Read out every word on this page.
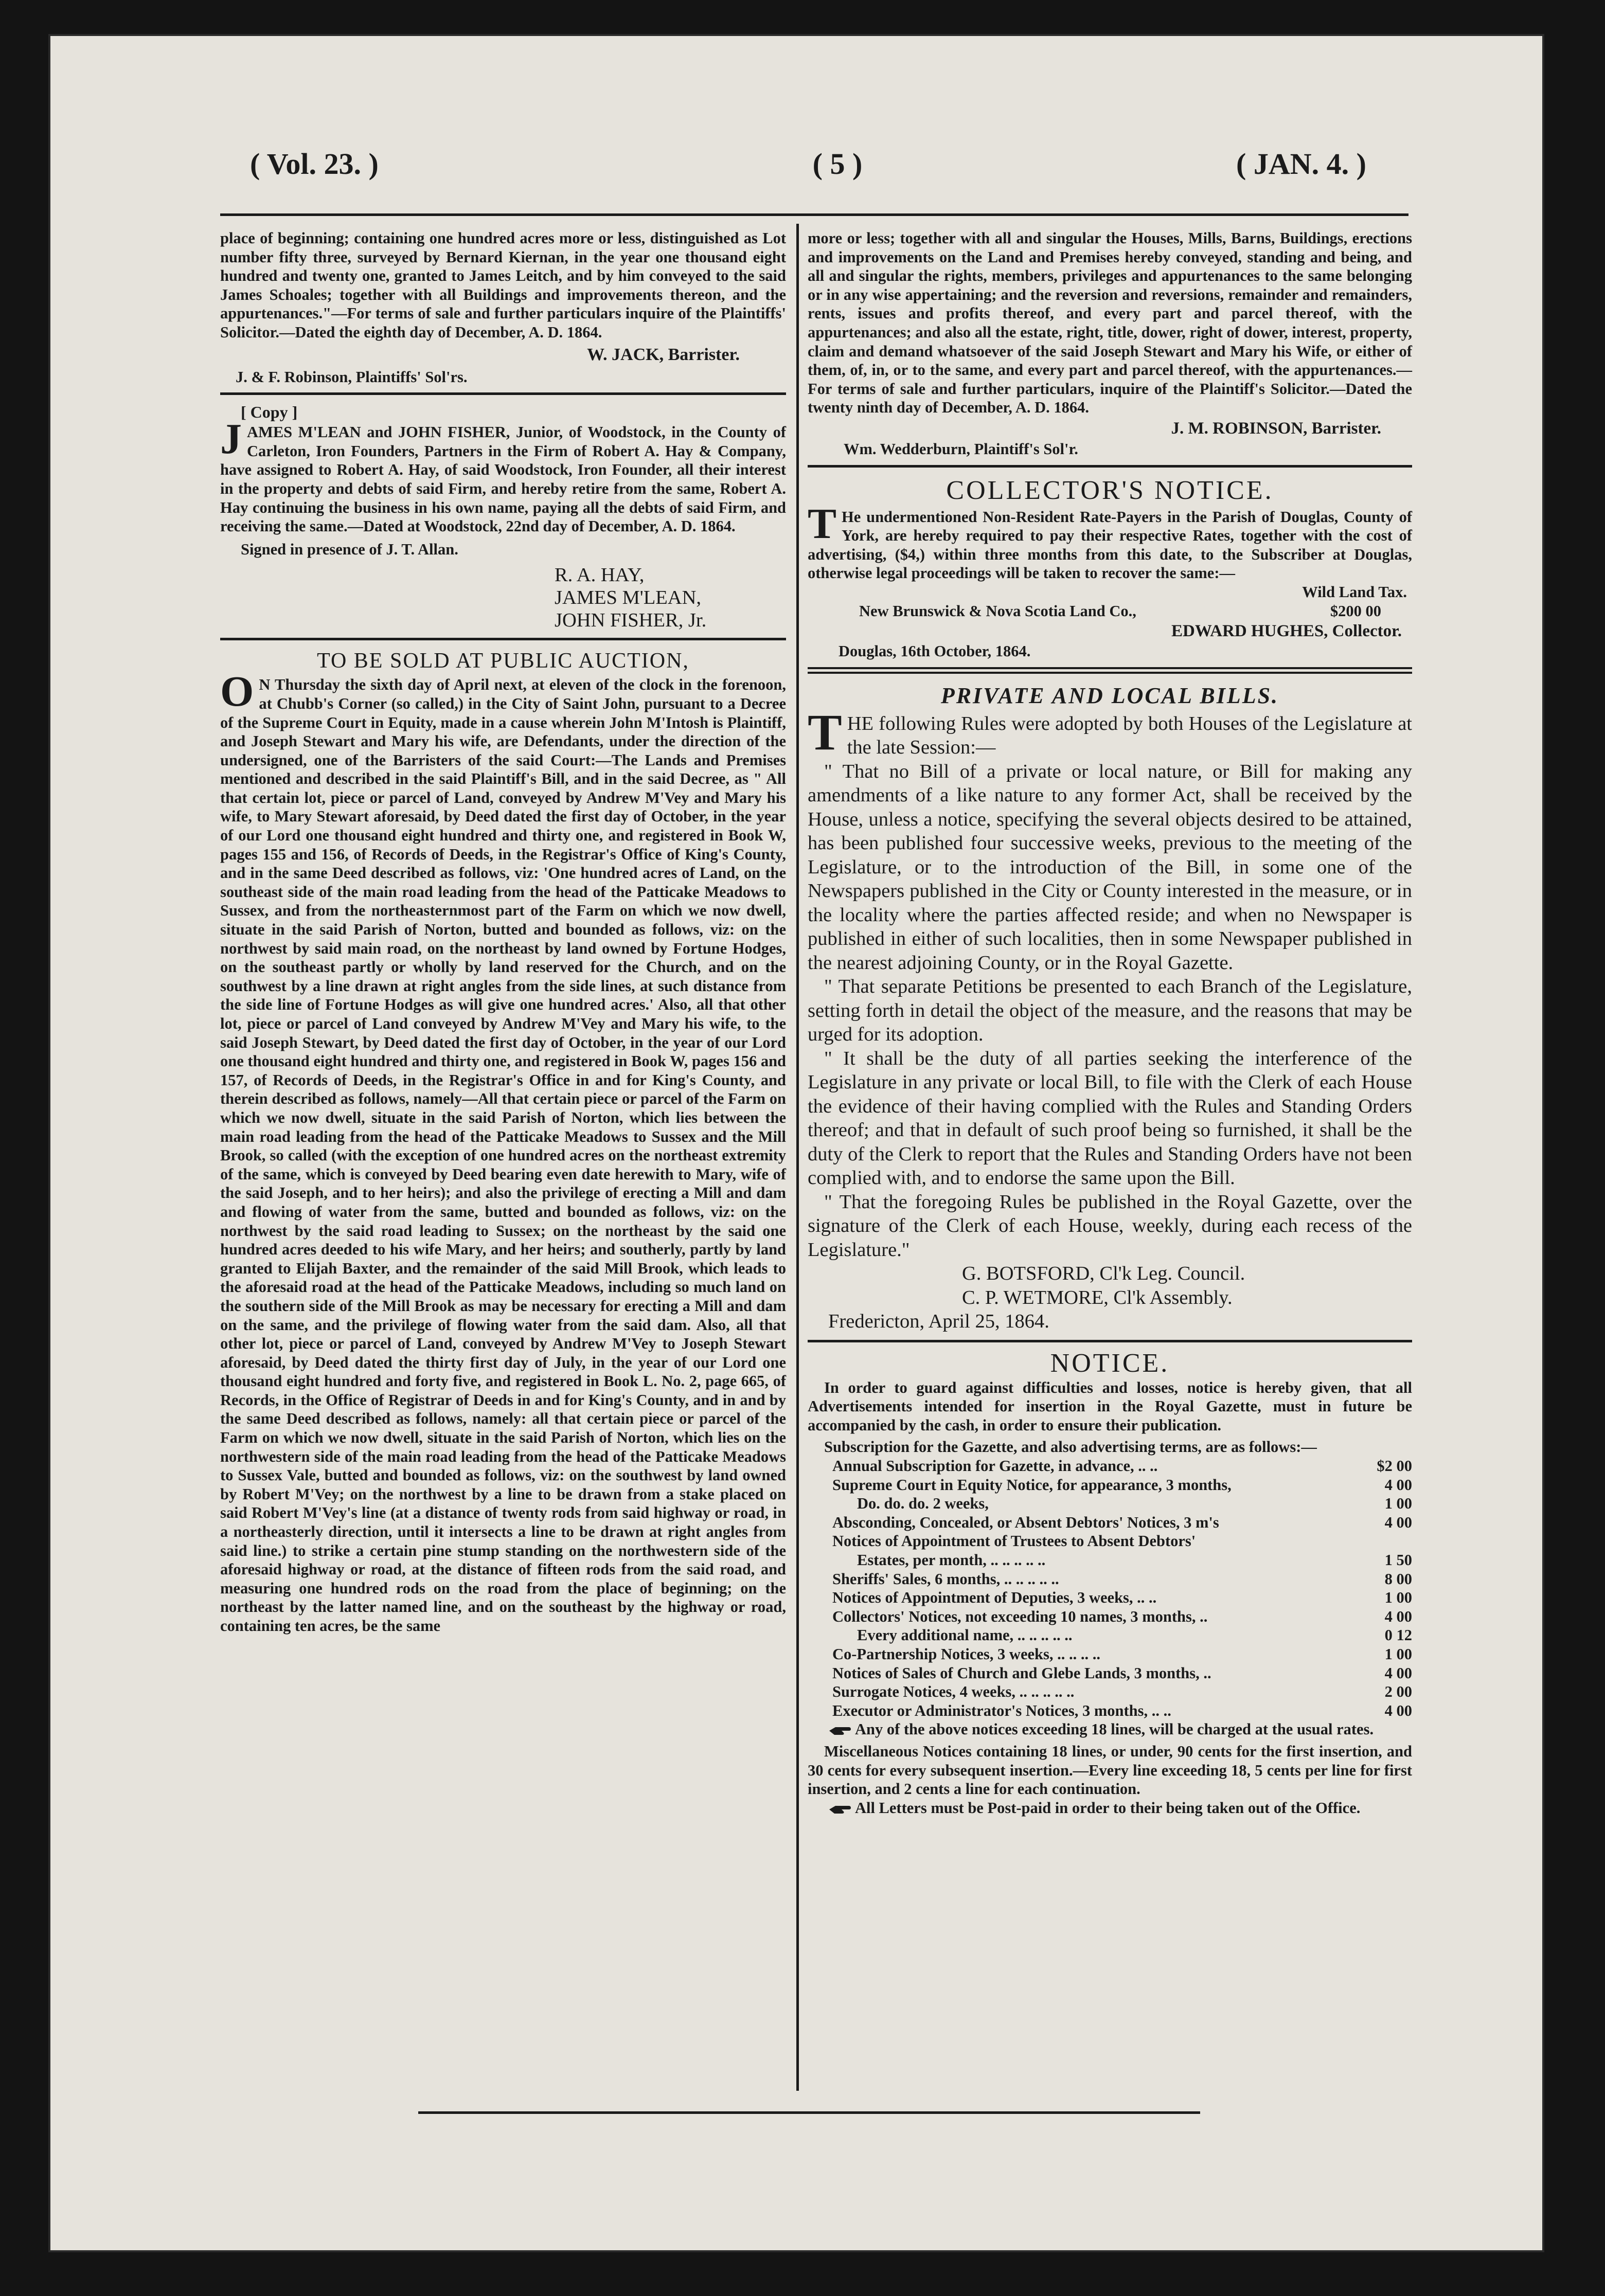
( Vol. 23. )	( 5 )	( JAN. 4. )

place of beginning; containing one hundred acres more or less, distinguished as Lot number fifty three, surveyed by Bernard Kiernan, in the year one thousand eight hundred and twenty one, granted to James Leitch, and by him conveyed to the said James Schoales; together with all Buildings and improvements thereon, and the appurtenances."—For terms of sale and further particulars inquire of the Plaintiffs' Solicitor.—Dated the eighth day of December, A. D. 1864.

W. JACK, Barrister.

J. & F. Robinson, Plaintiffs' Sol'rs.

[ Copy ]

J AMES M'LEAN and JOHN FISHER, Junior, of Woodstock, in the County of Carleton, Iron Founders, Partners in the Firm of Robert A. Hay & Company, have assigned to Robert A. Hay, of said Woodstock, Iron Founder, all their interest in the property and debts of said Firm, and hereby retire from the same, Robert A. Hay continuing the business in his own name, paying all the debts of said Firm, and receiving the same.—Dated at Woodstock, 22nd day of December, A. D. 1864.

Signed in presence of J. T. Allan.

R. A. HAY,

JAMES M'LEAN,

JOHN FISHER, Jr.

TO BE SOLD AT PUBLIC AUCTION,

O N Thursday the sixth day of April next, at eleven of the clock in the forenoon, at Chubb's Corner (so called,) in the City of Saint John, pursuant to a Decree of the Supreme Court in Equity, made in a cause wherein John M'Intosh is Plaintiff, and Joseph Stewart and Mary his wife, are Defendants, under the direction of the undersigned, one of the Barristers of the said Court:—The Lands and Premises mentioned and described in the said Plaintiff's Bill, and in the said Decree, as " All that certain lot, piece or parcel of Land, conveyed by Andrew M'Vey and Mary his wife, to Mary Stewart aforesaid, by Deed dated the first day of October, in the year of our Lord one thousand eight hundred and thirty one, and registered in Book W, pages 155 and 156, of Records of Deeds, in the Registrar's Office of King's County, and in the same Deed described as follows, viz: 'One hundred acres of Land, on the southeast side of the main road leading from the head of the Patticake Meadows to Sussex, and from the northeasternmost part of the Farm on which we now dwell, situate in the said Parish of Norton, butted and bounded as follows, viz: on the northwest by said main road, on the northeast by land owned by Fortune Hodges, on the southeast partly or wholly by land reserved for the Church, and on the southwest by a line drawn at right angles from the side lines, at such distance from the side line of Fortune Hodges as will give one hundred acres.' Also, all that other lot, piece or parcel of Land conveyed by Andrew M'Vey and Mary his wife, to the said Joseph Stewart, by Deed dated the first day of October, in the year of our Lord one thousand eight hundred and thirty one, and registered in Book W, pages 156 and 157, of Records of Deeds, in the Registrar's Office in and for King's County, and therein described as follows, namely—All that certain piece or parcel of the Farm on which we now dwell, situate in the said Parish of Norton, which lies between the main road leading from the head of the Patticake Meadows to Sussex and the Mill Brook, so called (with the exception of one hundred acres on the northeast extremity of the same, which is conveyed by Deed bearing even date herewith to Mary, wife of the said Joseph, and to her heirs); and also the privilege of erecting a Mill and dam and flowing of water from the same, butted and bounded as follows, viz: on the northwest by the said road leading to Sussex; on the northeast by the said one hundred acres deeded to his wife Mary, and her heirs; and southerly, partly by land granted to Elijah Baxter, and the remainder of the said Mill Brook, which leads to the aforesaid road at the head of the Patticake Meadows, including so much land on the southern side of the Mill Brook as may be necessary for erecting a Mill and dam on the same, and the privilege of flowing water from the said dam. Also, all that other lot, piece or parcel of Land, conveyed by Andrew M'Vey to Joseph Stewart aforesaid, by Deed dated the thirty first day of July, in the year of our Lord one thousand eight hundred and forty five, and registered in Book L. No. 2, page 665, of Records, in the Office of Registrar of Deeds in and for King's County, and in and by the same Deed described as follows, namely: all that certain piece or parcel of the Farm on which we now dwell, situate in the said Parish of Norton, which lies on the northwestern side of the main road leading from the head of the Patticake Meadows to Sussex Vale, butted and bounded as follows, viz: on the southwest by land owned by Robert M'Vey; on the northwest by a line to be drawn from a stake placed on said Robert M'Vey's line (at a distance of twenty rods from said highway or road, in a northeasterly direction, until it intersects a line to be drawn at right angles from said line.) to strike a certain pine stump standing on the northwestern side of the aforesaid highway or road, at the distance of fifteen rods from the said road, and measuring one hundred rods on the road from the place of beginning; on the northeast by the latter named line, and on the southeast by the highway or road, containing ten acres, be the same

more or less; together with all and singular the Houses, Mills, Barns, Buildings, erections and improvements on the Land and Premises hereby conveyed, standing and being, and all and singular the rights, members, privileges and appurtenances to the same belonging or in any wise appertaining; and the reversion and reversions, remainder and remainders, rents, issues and profits thereof, and every part and parcel thereof, with the appurtenances; and also all the estate, right, title, dower, right of dower, interest, property, claim and demand whatsoever of the said Joseph Stewart and Mary his Wife, or either of them, of, in, or to the same, and every part and parcel thereof, with the appurtenances.—For terms of sale and further particulars, inquire of the Plaintiff's Solicitor.—Dated the twenty ninth day of December, A. D. 1864.

J. M. ROBINSON, Barrister.

Wm. Wedderburn, Plaintiff's Sol'r.

COLLECTOR'S NOTICE.

T He undermentioned Non-Resident Rate-Payers in the Parish of Douglas, County of York, are hereby required to pay their respective Rates, together with the cost of advertising, ($4,) within three months from this date, to the Subscriber at Douglas, otherwise legal proceedings will be taken to recover the same:—

Wild Land Tax.

New Brunswick & Nova Scotia Land Co.,	$200 00

EDWARD HUGHES, Collector.

Douglas, 16th October, 1864.

PRIVATE AND LOCAL BILLS.

T HE following Rules were adopted by both Houses of the Legislature at the late Session:—

" That no Bill of a private or local nature, or Bill for making any amendments of a like nature to any former Act, shall be received by the House, unless a notice, specifying the several objects desired to be attained, has been published four successive weeks, previous to the meeting of the Legislature, or to the introduction of the Bill, in some one of the Newspapers published in the City or County interested in the measure, or in the locality where the parties affected reside; and when no Newspaper is published in either of such localities, then in some Newspaper published in the nearest adjoining County, or in the Royal Gazette.

" That separate Petitions be presented to each Branch of the Legislature, setting forth in detail the object of the measure, and the reasons that may be urged for its adoption.

" It shall be the duty of all parties seeking the interference of the Legislature in any private or local Bill, to file with the Clerk of each House the evidence of their having complied with the Rules and Standing Orders thereof; and that in default of such proof being so furnished, it shall be the duty of the Clerk to report that the Rules and Standing Orders have not been complied with, and to endorse the same upon the Bill.

" That the foregoing Rules be published in the Royal Gazette, over the signature of the Clerk of each House, weekly, during each recess of the Legislature."

G. BOTSFORD, Cl'k Leg. Council.

C. P. WETMORE, Cl'k Assembly.

Fredericton, April 25, 1864.

NOTICE.

In order to guard against difficulties and losses, notice is hereby given, that all Advertisements intended for insertion in the Royal Gazette, must in future be accompanied by the cash, in order to ensure their publication.

Subscription for the Gazette, and also advertising terms, are as follows:—

Annual Subscription for Gazette, in advance, .. ..	$2 00
Supreme Court in Equity Notice, for appearance, 3 months,	4 00
Do. do. do. 2 weeks,	1 00
Absconding, Concealed, or Absent Debtors' Notices, 3 m's	4 00
Notices of Appointment of Trustees to Absent Debtors'
Estates, per month, .. .. .. .. ..	1 50
Sheriffs' Sales, 6 months, .. .. .. .. ..	8 00
Notices of Appointment of Deputies, 3 weeks, .. ..	1 00
Collectors' Notices, not exceeding 10 names, 3 months, ..	4 00
Every additional name, .. .. .. .. ..	0 12
Co-Partnership Notices, 3 weeks, .. .. .. ..	1 00
Notices of Sales of Church and Glebe Lands, 3 months, ..	4 00
Surrogate Notices, 4 weeks, .. .. .. .. ..	2 00
Executor or Administrator's Notices, 3 months, .. ..	4 00

Any of the above notices exceeding 18 lines, will be charged at the usual rates.

Miscellaneous Notices containing 18 lines, or under, 90 cents for the first insertion, and 30 cents for every subsequent insertion.—Every line exceeding 18, 5 cents per line for first insertion, and 2 cents a line for each continuation.

All Letters must be Post-paid in order to their being taken out of the Office.
